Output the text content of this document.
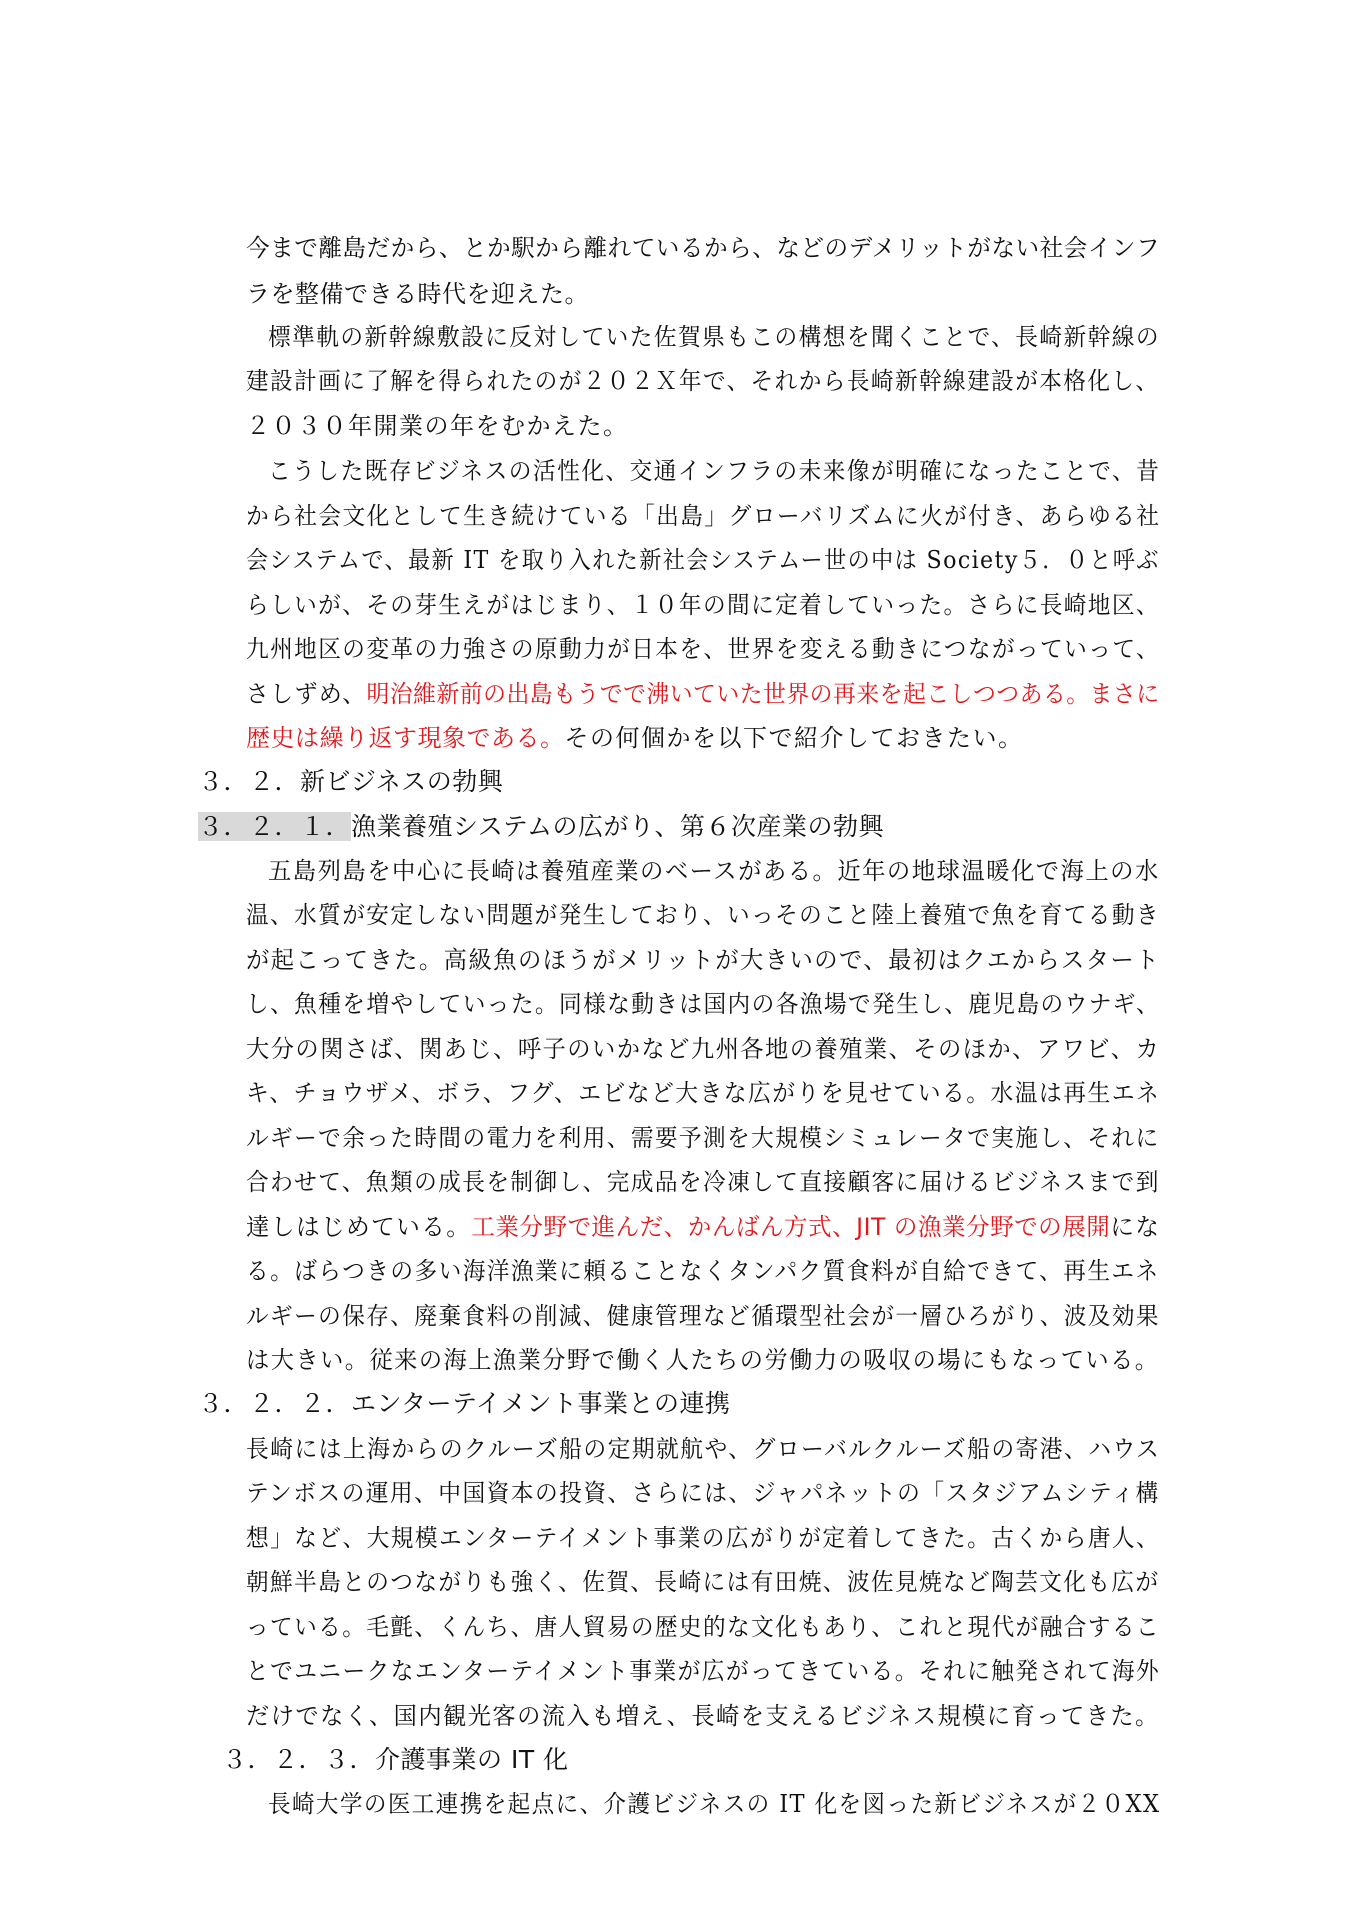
今まで離島だから、とか駅から離れているから、などのデメリットがない社会インフ
ラを整備できる時代を迎えた。
標準軌の新幹線敷設に反対していた佐賀県もこの構想を聞くことで、長崎新幹線の
建設計画に了解を得られたのが２０２Ｘ年で、それから長崎新幹線建設が本格化し、
２０３０年開業の年をむかえた。
こうした既存ビジネスの活性化、交通インフラの未来像が明確になったことで、昔
から社会文化として生き続けている「出島」グローバリズムに火が付き、あらゆる社
会システムで、最新 IT を取り入れた新社会システムー世の中は Society５．０と呼ぶ
らしいが、その芽生えがはじまり、１０年の間に定着していった。さらに長崎地区、
九州地区の変革の力強さの原動力が日本を、世界を変える動きにつながっていって、
さしずめ、明治維新前の出島もうでで沸いていた世界の再来を起こしつつある。まさに
歴史は繰り返す現象である。その何個かを以下で紹介しておきたい。
３．２．新ビジネスの勃興
３．２．１．漁業養殖システムの広がり、第６次産業の勃興
五島列島を中心に長崎は養殖産業のベースがある。近年の地球温暖化で海上の水
温、水質が安定しない問題が発生しており、いっそのこと陸上養殖で魚を育てる動き
が起こってきた。高級魚のほうがメリットが大きいので、最初はクエからスタート
し、魚種を増やしていった。同様な動きは国内の各漁場で発生し、鹿児島のウナギ、
大分の関さば、関あじ、呼子のいかなど九州各地の養殖業、そのほか、アワビ、カ
キ、チョウザメ、ボラ、フグ、エビなど大きな広がりを見せている。水温は再生エネ
ルギーで余った時間の電力を利用、需要予測を大規模シミュレータで実施し、それに
合わせて、魚類の成長を制御し、完成品を冷凍して直接顧客に届けるビジネスまで到
達しはじめている。工業分野で進んだ、かんばん方式、JIT の漁業分野での展開にな
る。ばらつきの多い海洋漁業に頼ることなくタンパク質食料が自給できて、再生エネ
ルギーの保存、廃棄食料の削減、健康管理など循環型社会が一層ひろがり、波及効果
は大きい。従来の海上漁業分野で働く人たちの労働力の吸収の場にもなっている。
３．２．２．エンターテイメント事業との連携
長崎には上海からのクルーズ船の定期就航や、グローバルクルーズ船の寄港、ハウス
テンボスの運用、中国資本の投資、さらには、ジャパネットの「スタジアムシティ構
想」など、大規模エンターテイメント事業の広がりが定着してきた。古くから唐人、
朝鮮半島とのつながりも強く、佐賀、長崎には有田焼、波佐見焼など陶芸文化も広が
っている。毛氈、くんち、唐人貿易の歴史的な文化もあり、これと現代が融合するこ
とでユニークなエンターテイメント事業が広がってきている。それに触発されて海外
だけでなく、国内観光客の流入も増え、長崎を支えるビジネス規模に育ってきた。
３．２．３．介護事業の IT 化
長崎大学の医工連携を起点に、介護ビジネスの IT 化を図った新ビジネスが２０XX
